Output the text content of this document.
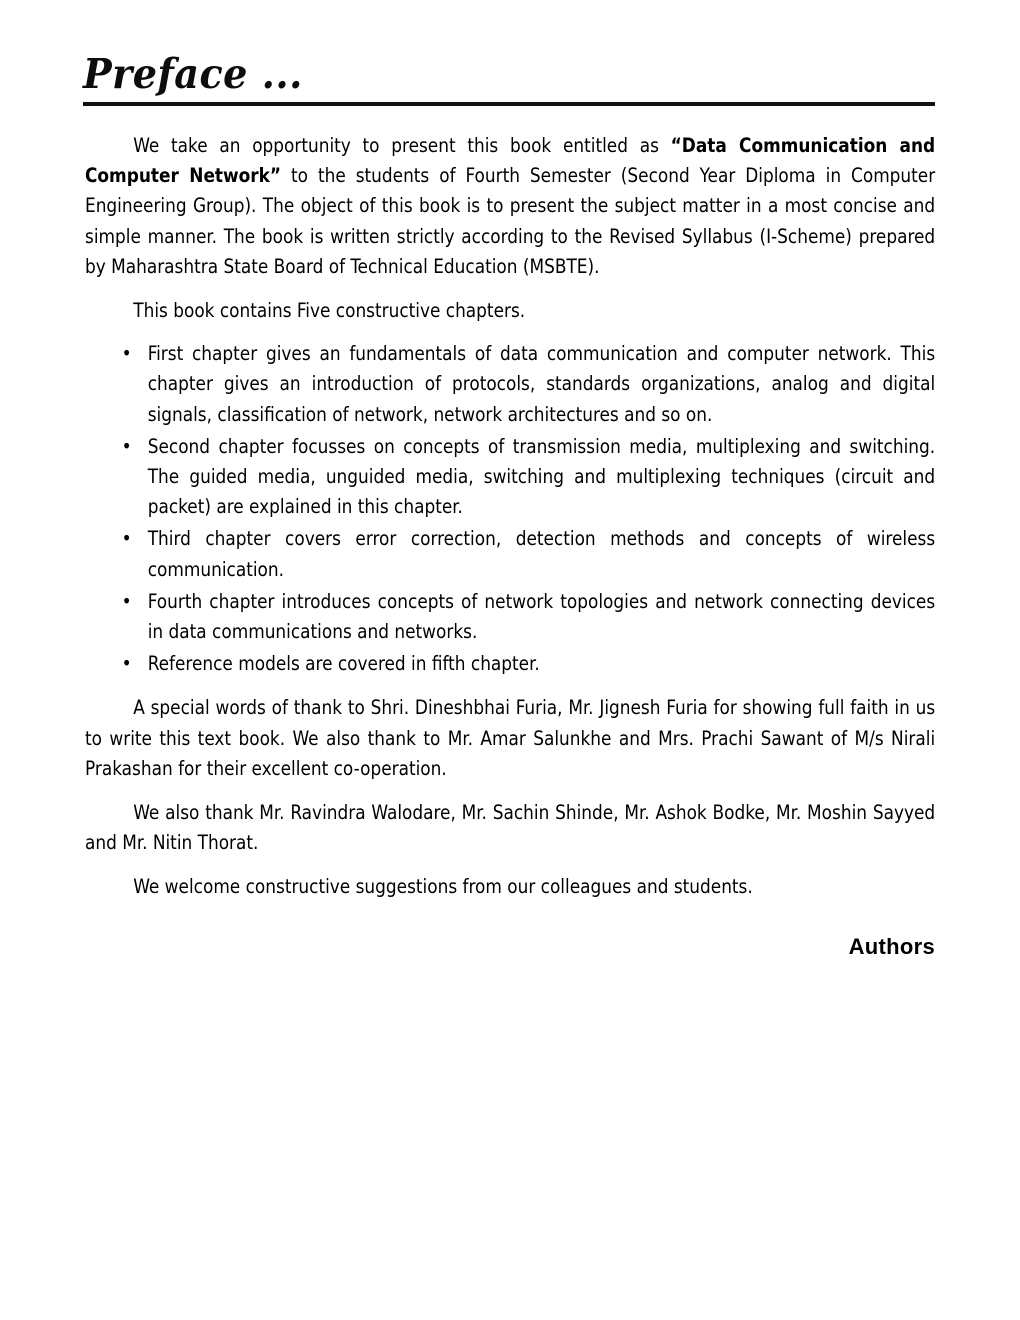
Preface ...

We take an opportunity to present this book entitled as “Data Communication and Computer Network” to the students of Fourth Semester (Second Year Diploma in Computer Engineering Group). The object of this book is to present the subject matter in a most concise and simple manner. The book is written strictly according to the Revised Syllabus (I-Scheme) prepared by Maharashtra State Board of Technical Education (MSBTE).

This book contains Five constructive chapters.

• First chapter gives an fundamentals of data communication and computer network. This chapter gives an introduction of protocols, standards organizations, analog and digital signals, classification of network, network architectures and so on.
• Second chapter focusses on concepts of transmission media, multiplexing and switching. The guided media, unguided media, switching and multiplexing techniques (circuit and packet) are explained in this chapter.
• Third chapter covers error correction, detection methods and concepts of wireless communication.
• Fourth chapter introduces concepts of network topologies and network connecting devices in data communications and networks.
• Reference models are covered in fifth chapter.

A special words of thank to Shri. Dineshbhai Furia, Mr. Jignesh Furia for showing full faith in us to write this text book. We also thank to Mr. Amar Salunkhe and Mrs. Prachi Sawant of M/s Nirali Prakashan for their excellent co-operation.

We also thank Mr. Ravindra Walodare, Mr. Sachin Shinde, Mr. Ashok Bodke, Mr. Moshin Sayyed and Mr. Nitin Thorat.

We welcome constructive suggestions from our colleagues and students.

Authors
